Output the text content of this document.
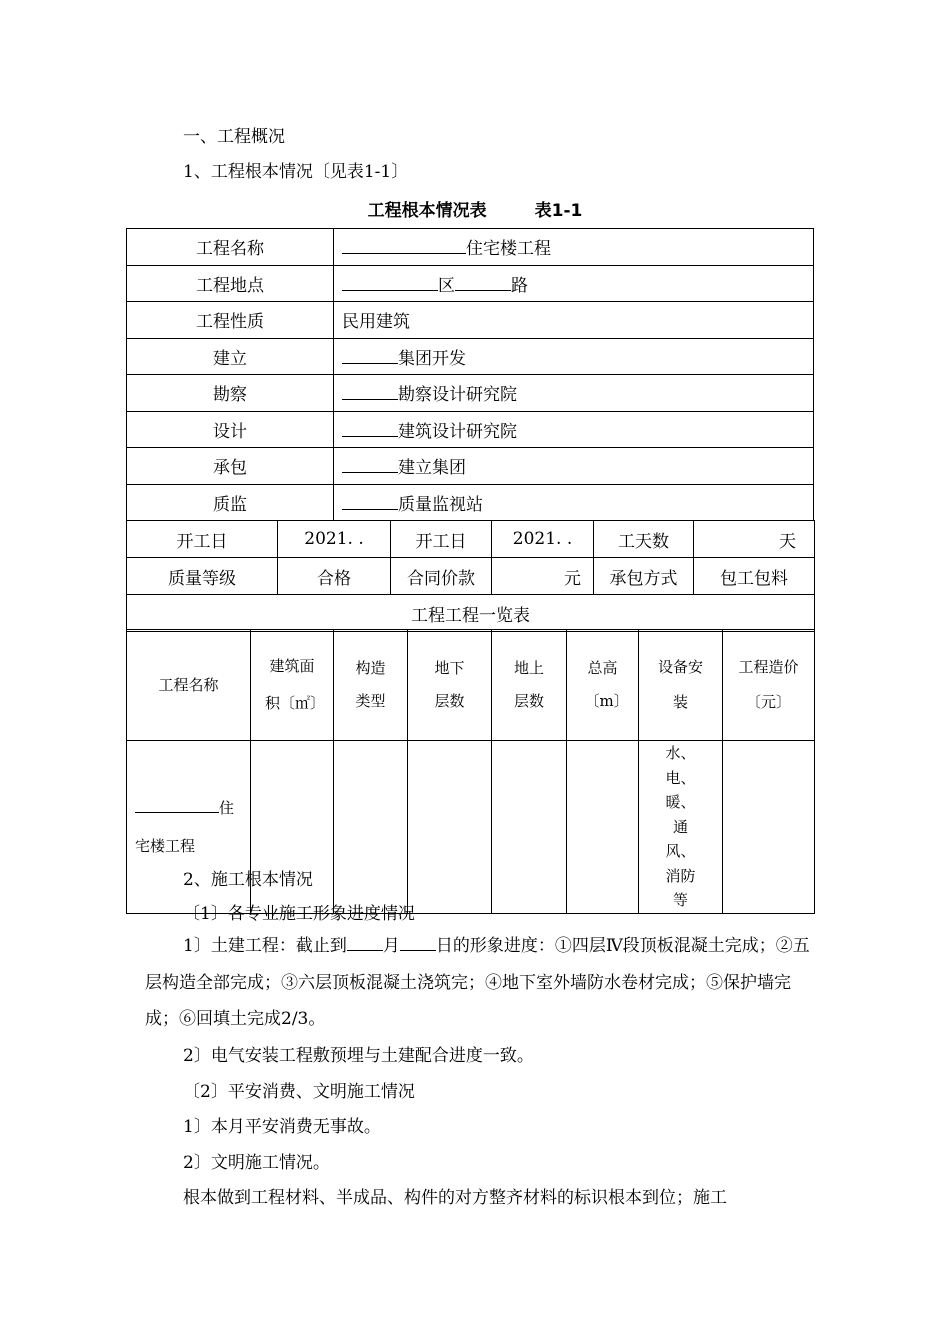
一、工程概况
1、工程根本情况〔见表1-1〕
工程根本情况表	表1-1
工程名称	住宅楼工程
工程地点	区 路
工程性质	民用建筑
建立	集团开发
勘察	勘察设计研究院
设计	建筑设计研究院
承包	建立集团
质监	质量监视站
开工日	2021. .	开工日	2021. .	工天数	天
质量等级	合格	合同价款	元	承包方式	包工包料
工程工程一览表					
工程名称	建筑面积〔㎡〕	构造类型	地下层数	地上层数	总高〔m〕	设备安装	工程造价〔元〕
住
宅楼工程						水、电、暖、通风、消防等	
2、施工根本情况
〔1〕各专业施工形象进度情况
1〕土建工程：截止到 月 日的形象进度：①四层Ⅳ段顶板混凝土完成；②五层构造全部完成；③六层顶板混凝土浇筑完；④地下室外墙防水卷材完成；⑤保护墙完成；⑥回填土完成2/3。
2〕电气安装工程敷预埋与土建配合进度一致。
〔2〕平安消费、文明施工情况
1〕本月平安消费无事故。
2〕文明施工情况。
根本做到工程材料、半成品、构件的对方整齐材料的标识根本到位；施工
